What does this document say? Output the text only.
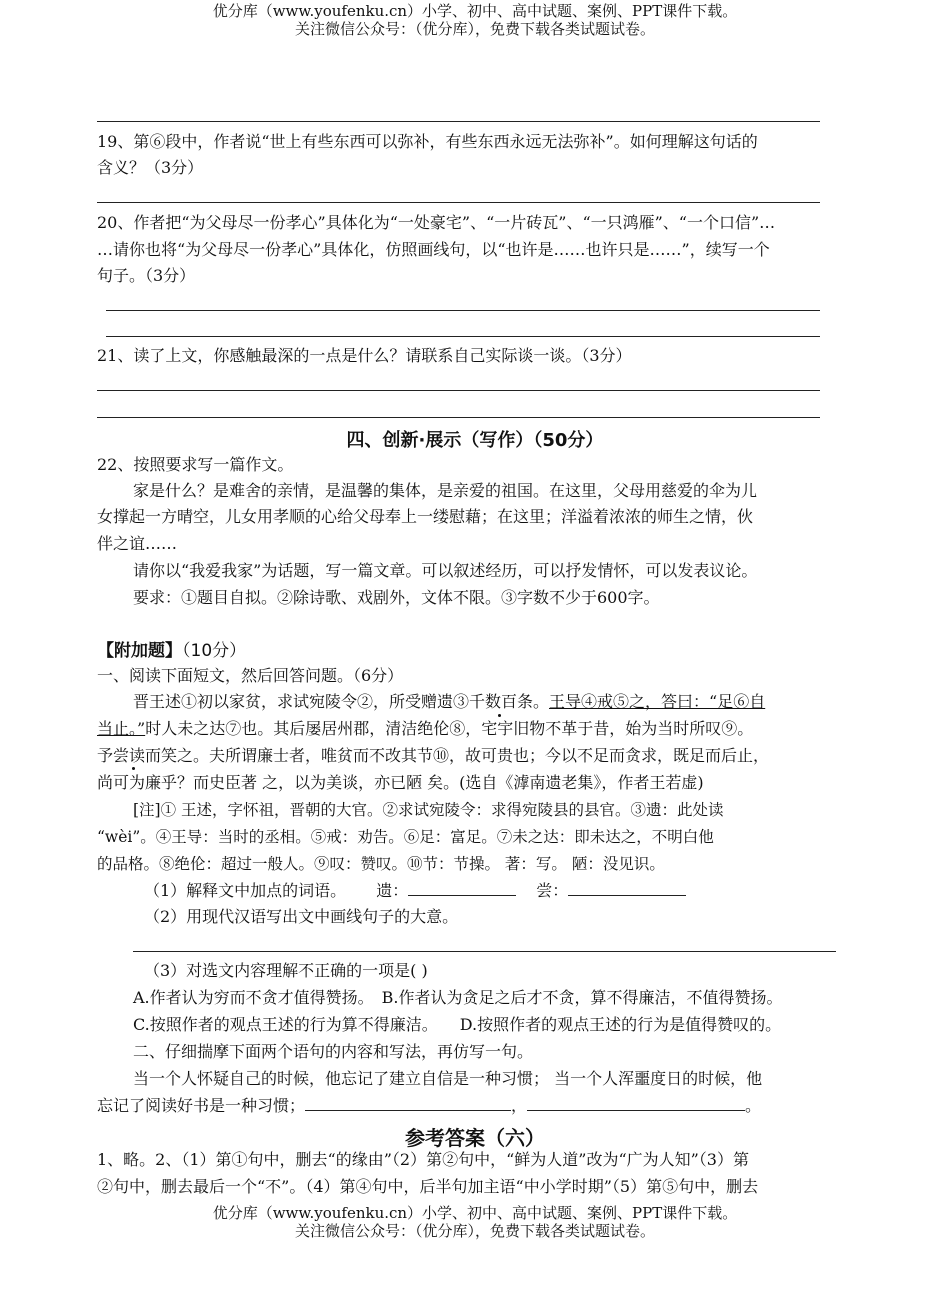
优分库（www.youfenku.cn）小学、初中、高中试题、案例、PPT课件下载。
关注微信公众号：（优分库），免费下载各类试题试卷。
19、第⑥段中，作者说“世上有些东西可以弥补，有些东西永远无法弥补”。如何理解这句话的
含义？（3分）
20、作者把“为父母尽一份孝心”具体化为“一处豪宅”、“一片砖瓦”、“一只鸿雁”、“一个口信”…
…请你也将“为父母尽一份孝心”具体化，仿照画线句，以“也许是……也许只是……”，续写一个
句子。（3分）
21、读了上文，你感触最深的一点是什么？请联系自己实际谈一谈。（3分）
四、创新·展示（写作）（50分）
22、按照要求写一篇作文。
家是什么？是难舍的亲情，是温馨的集体，是亲爱的祖国。在这里，父母用慈爱的伞为儿
女撑起一方晴空，儿女用孝顺的心给父母奉上一缕慰藉；在这里；洋溢着浓浓的师生之情，伙
伴之谊……
请你以“我爱我家”为话题，写一篇文章。可以叙述经历，可以抒发情怀，可以发表议论。
要求：①题目自拟。②除诗歌、戏剧外，文体不限。③字数不少于600字。
【附加题】（10分）
一、阅读下面短文，然后回答问题。（6分）
晋王述①初以家贫，求试宛陵令②，所受赠遗③千数百条。王导④戒⑤之，答曰：“足⑥自
当止。”时人未之达⑦也。其后屡居州郡，清洁绝伦⑧，宅宇旧物不革于昔，始为当时所叹⑨。
予尝读而笑之。夫所谓廉士者，唯贫而不改其节⑩，故可贵也；今以不足而贪求，既足而后止，
尚可为廉乎？而史臣著 之，以为美谈，亦已陋 矣。(选自《滹南遗老集》，作者王若虚)
[注]① 王述，字怀祖，晋朝的大官。②求试宛陵令：求得宛陵县的县官。③遗：此处读
“wèi”。④王导：当时的丞相。⑤戒：劝告。⑥足：富足。⑦未之达：即未达之，不明白他
的品格。⑧绝伦：超过一般人。⑨叹：赞叹。⑩节：节操。 著：写。 陋：没见识。
（1）解释文中加点的词语。 遗：	尝：
（2）用现代汉语写出文中画线句子的大意。
（3）对选文内容理解不正确的一项是( )
A.作者认为穷而不贪才值得赞扬。 B.作者认为贪足之后才不贪，算不得廉洁，不值得赞扬。
C.按照作者的观点王述的行为算不得廉洁。 D.按照作者的观点王述的行为是值得赞叹的。
二、仔细揣摩下面两个语句的内容和写法，再仿写一句。
当一个人怀疑自己的时候，他忘记了建立自信是一种习惯； 当一个人浑噩度日的时候，他
忘记了阅读好书是一种习惯；	，	。
参考答案（六）
1、略。2、（1）第①句中，删去“的缘由”（2）第②句中，“鲜为人道”改为“广为人知”（3）第
②句中，删去最后一个“不”。（4）第④句中，后半句加主语“中小学时期”（5）第⑤句中，删去
优分库（www.youfenku.cn）小学、初中、高中试题、案例、PPT课件下载。
关注微信公众号：（优分库），免费下载各类试题试卷。
